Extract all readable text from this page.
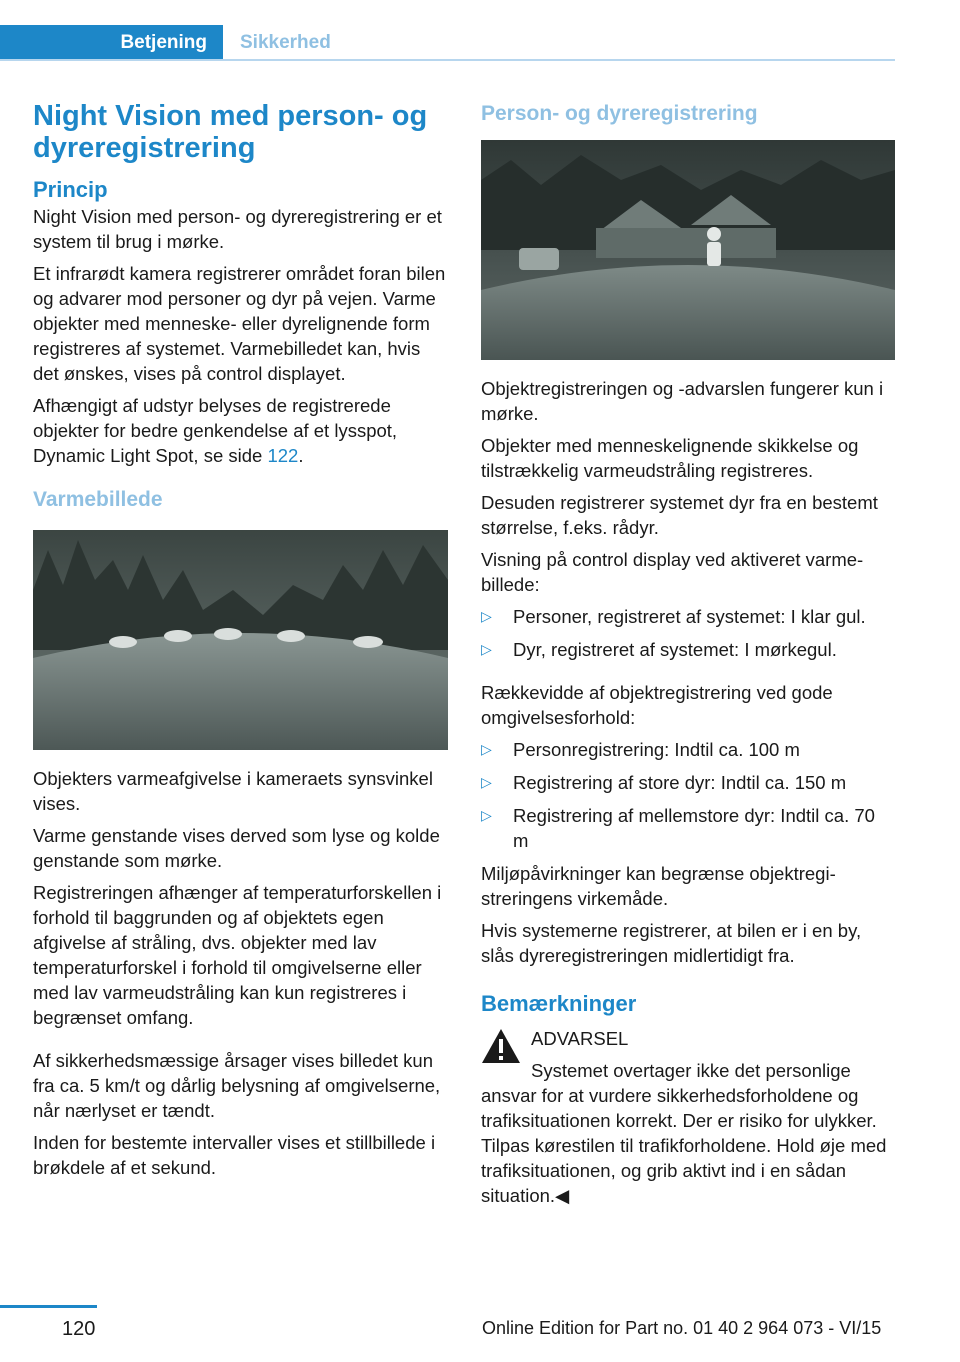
Betjening	Sikkerhed
Night Vision med person- og dyreregistrering
Princip

Night Vision med person- og dyreregistrering er et system til brug i mørke.

Et infrarødt kamera registrerer området foran bilen og advarer mod personer og dyr på vejen. Varme objekter med menneske- eller dyrelignende form registreres af systemet. Varmebilledet kan, hvis det ønskes, vises på control displayet.

Afhængigt af udstyr belyses de registrerede objekter for bedre genkendelse af et lysspot, Dynamic Light Spot, se side 122.

Varmebillede

Objekters varmeafgivelse i kameraets synsvinkel vises.

Varme genstande vises derved som lyse og kolde genstande som mørke.

Registreringen afhænger af temperaturforskellen i forhold til baggrunden og af objektets egen afgivelse af stråling, dvs. objekter med lav temperaturforskel i forhold til omgivelserne eller med lav varmeudstråling kan kun registreres i begrænset omfang.

Af sikkerhedsmæssige årsager vises billedet kun fra ca. 5 km/t og dårlig belysning af omgivelserne, når nærlyset er tændt.

Inden for bestemte intervaller vises et stillbillede i brøkdele af et sekund.

Person- og dyreregistrering

Objektregistreringen og -advarslen fungerer kun i mørke.

Objekter med menneskelignende skikkelse og tilstrækkelig varmeudstråling registreres.

Desuden registrerer systemet dyr fra en bestemt størrelse, f.eks. rådyr.

Visning på control display ved aktiveret varmebillede:

▷ Personer, registreret af systemet: I klar gul.
▷ Dyr, registreret af systemet: I mørkegul.

Rækkevidde af objektregistrering ved gode omgivelsesforhold:

▷ Personregistrering: Indtil ca. 100 m
▷ Registrering af store dyr: Indtil ca. 150 m
▷ Registrering af mellemstore dyr: Indtil ca. 70 m

Miljøpåvirkninger kan begrænse objektregistreringens virkemåde.

Hvis systemerne registrerer, at bilen er i en by, slås dyreregistreringen midlertidigt fra.

Bemærkninger
ADVARSEL
Systemet overtager ikke det personlige ansvar for at vurdere sikkerhedsforholdene og trafiksituationen korrekt. Der er risiko for ulykker. Tilpas kørestilen til trafikforholdene. Hold øje med trafiksituationen, og grib aktivt ind i en sådan situation.◀
120	Online Edition for Part no. 01 40 2 964 073 - VI/15
